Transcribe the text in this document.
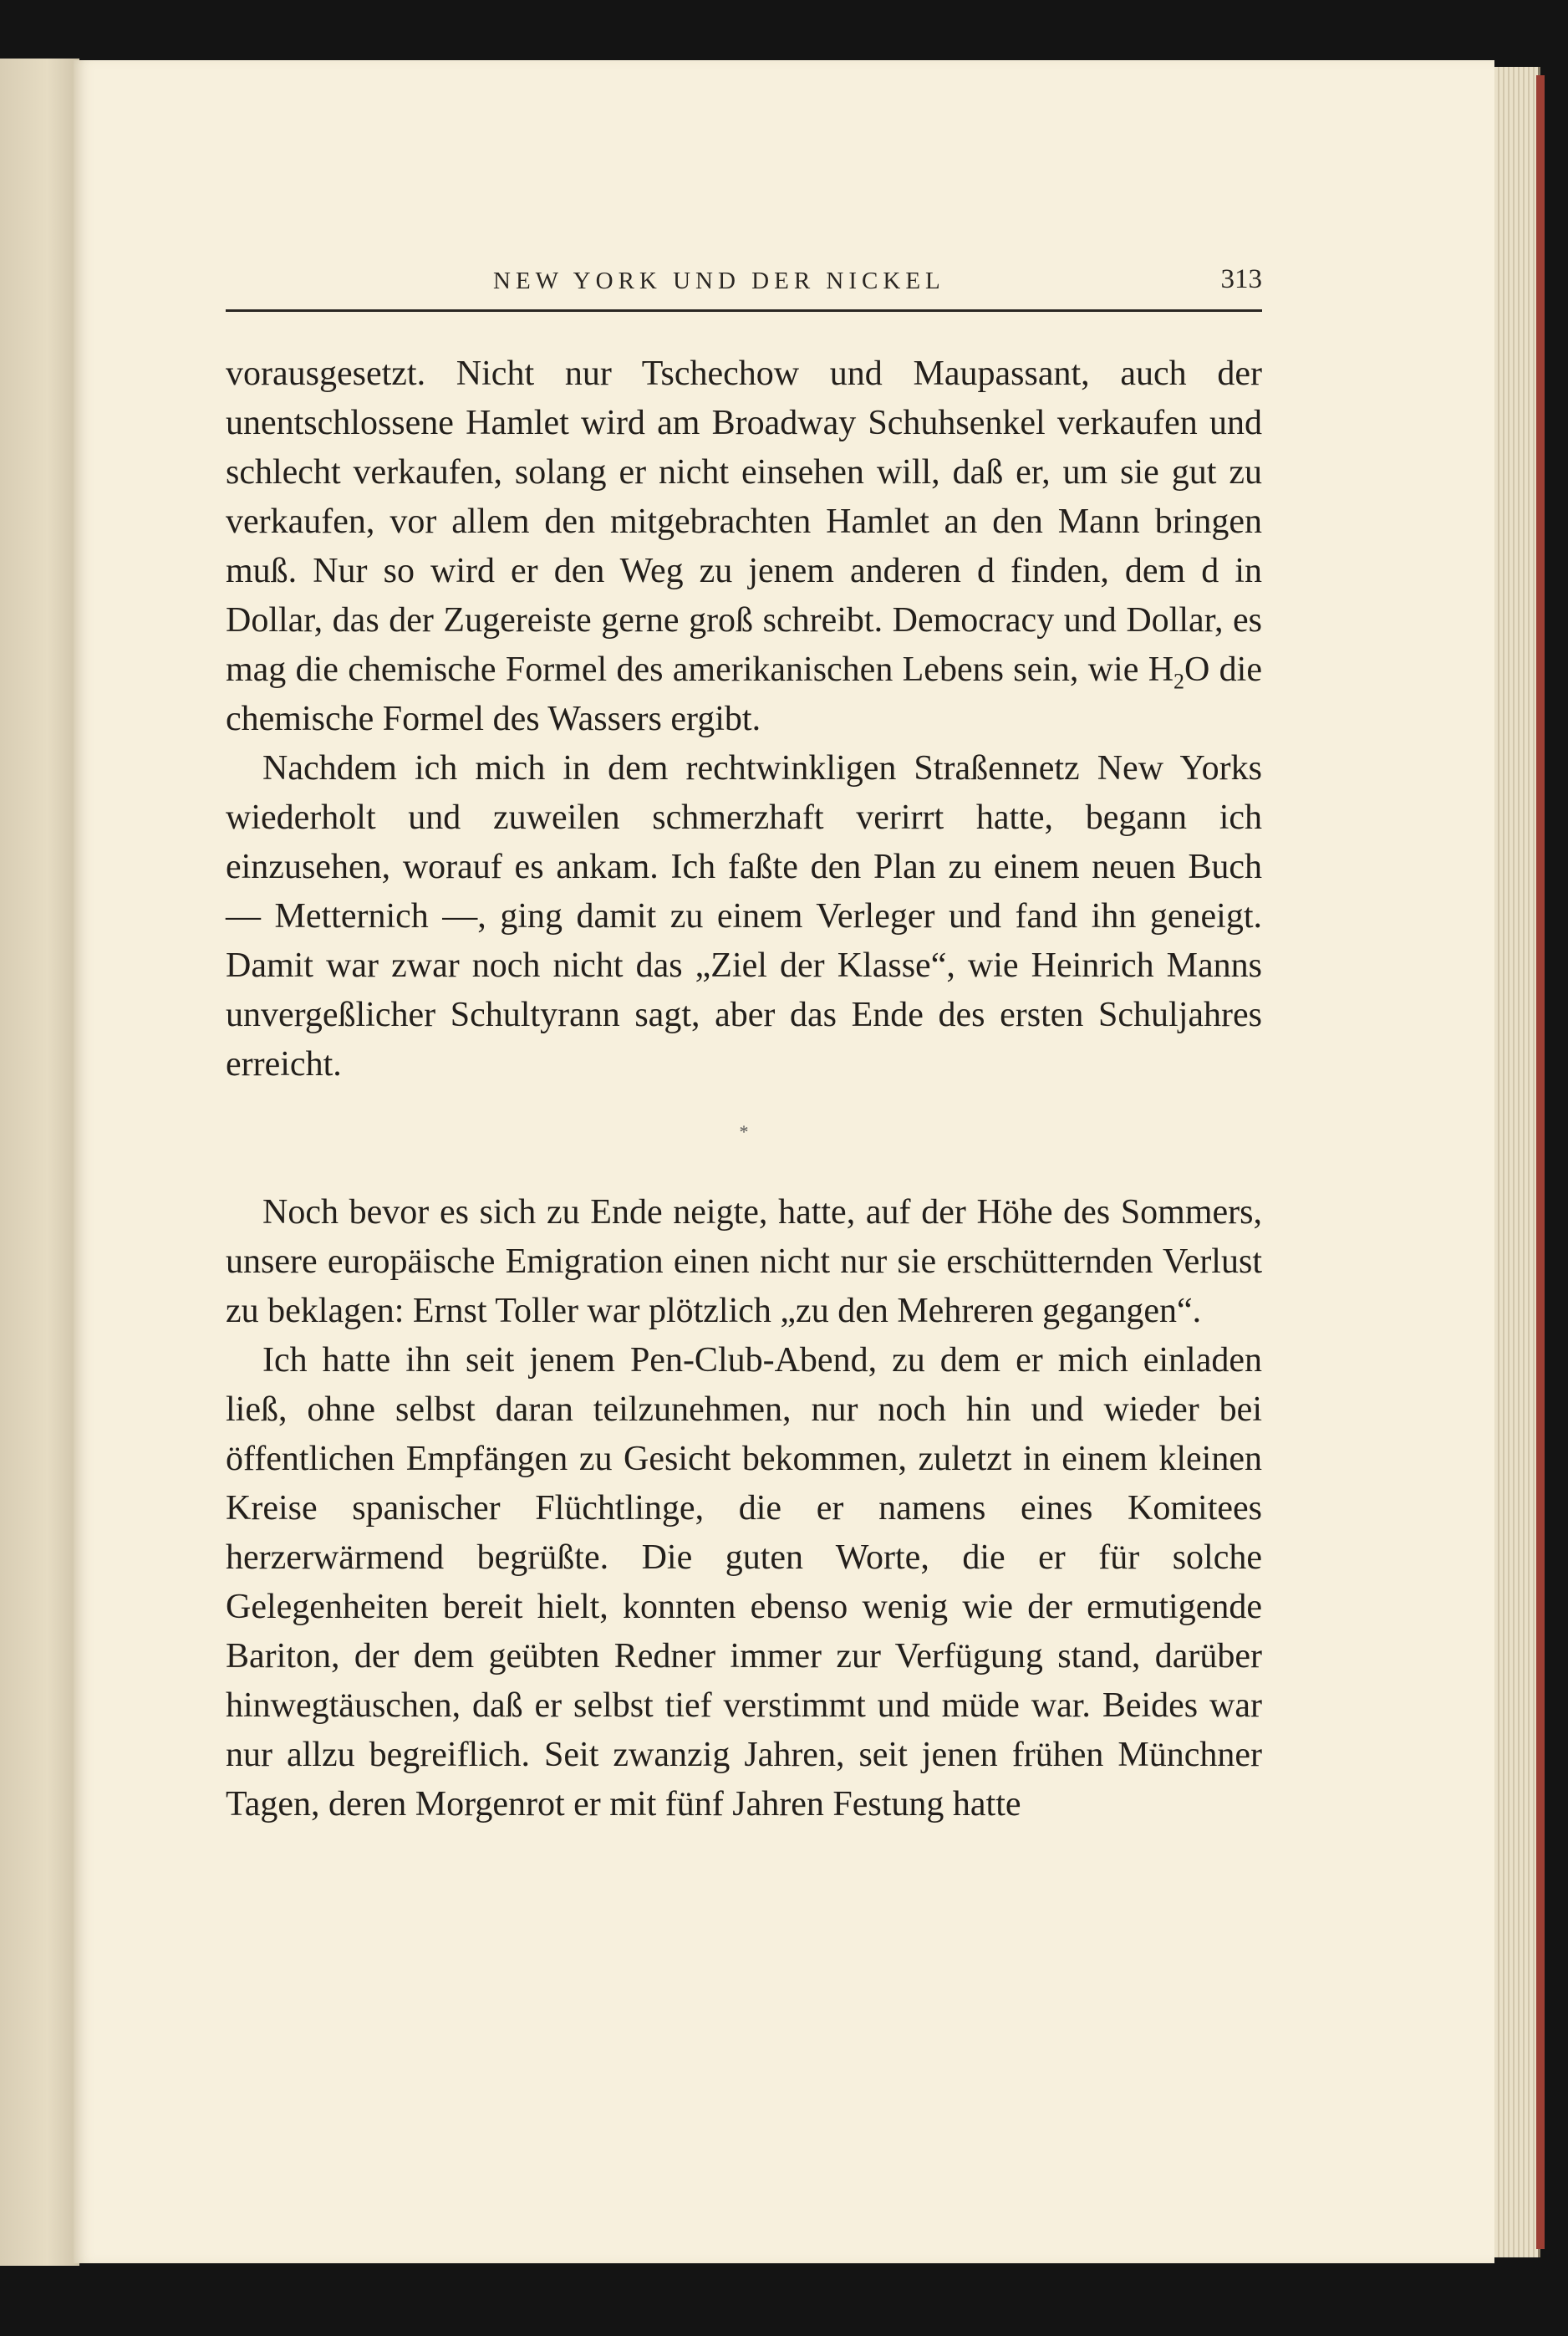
NEW YORK UND DER NICKEL	313

vorausgesetzt. Nicht nur Tschechow und Maupassant, auch der unentschlossene Hamlet wird am Broadway Schuhsenkel verkaufen und schlecht verkaufen, solang er nicht einsehen will, daß er, um sie gut zu verkaufen, vor allem den mitgebrachten Hamlet an den Mann bringen muß. Nur so wird er den Weg zu jenem anderen d finden, dem d in Dollar, das der Zugereiste gerne groß schreibt. Democracy und Dollar, es mag die chemische Formel des amerikanischen Lebens sein, wie $H_2O$ die chemische Formel des Wassers ergibt.

Nachdem ich mich in dem rechtwinkligen Straßennetz New Yorks wiederholt und zuweilen schmerzhaft verirrt hatte, begann ich einzusehen, worauf es ankam. Ich faßte den Plan zu einem neuen Buch — Metternich —, ging damit zu einem Verleger und fand ihn geneigt. Damit war zwar noch nicht das „Ziel der Klasse“, wie Heinrich Manns unvergeßlicher Schultyrann sagt, aber das Ende des ersten Schuljahres erreicht.

*

Noch bevor es sich zu Ende neigte, hatte, auf der Höhe des Sommers, unsere europäische Emigration einen nicht nur sie erschütternden Verlust zu beklagen: Ernst Toller war plötzlich „zu den Mehreren gegangen“.

Ich hatte ihn seit jenem Pen-Club-Abend, zu dem er mich einladen ließ, ohne selbst daran teilzunehmen, nur noch hin und wieder bei öffentlichen Empfängen zu Gesicht bekommen, zuletzt in einem kleinen Kreise spanischer Flüchtlinge, die er namens eines Komitees herzerwärmend begrüßte. Die guten Worte, die er für solche Gelegenheiten bereit hielt, konnten ebenso wenig wie der ermutigende Bariton, der dem geübten Redner immer zur Verfügung stand, darüber hinwegtäuschen, daß er selbst tief verstimmt und müde war. Beides war nur allzu begreiflich. Seit zwanzig Jahren, seit jenen frühen Münchner Tagen, deren Morgenrot er mit fünf Jahren Festung hatte
